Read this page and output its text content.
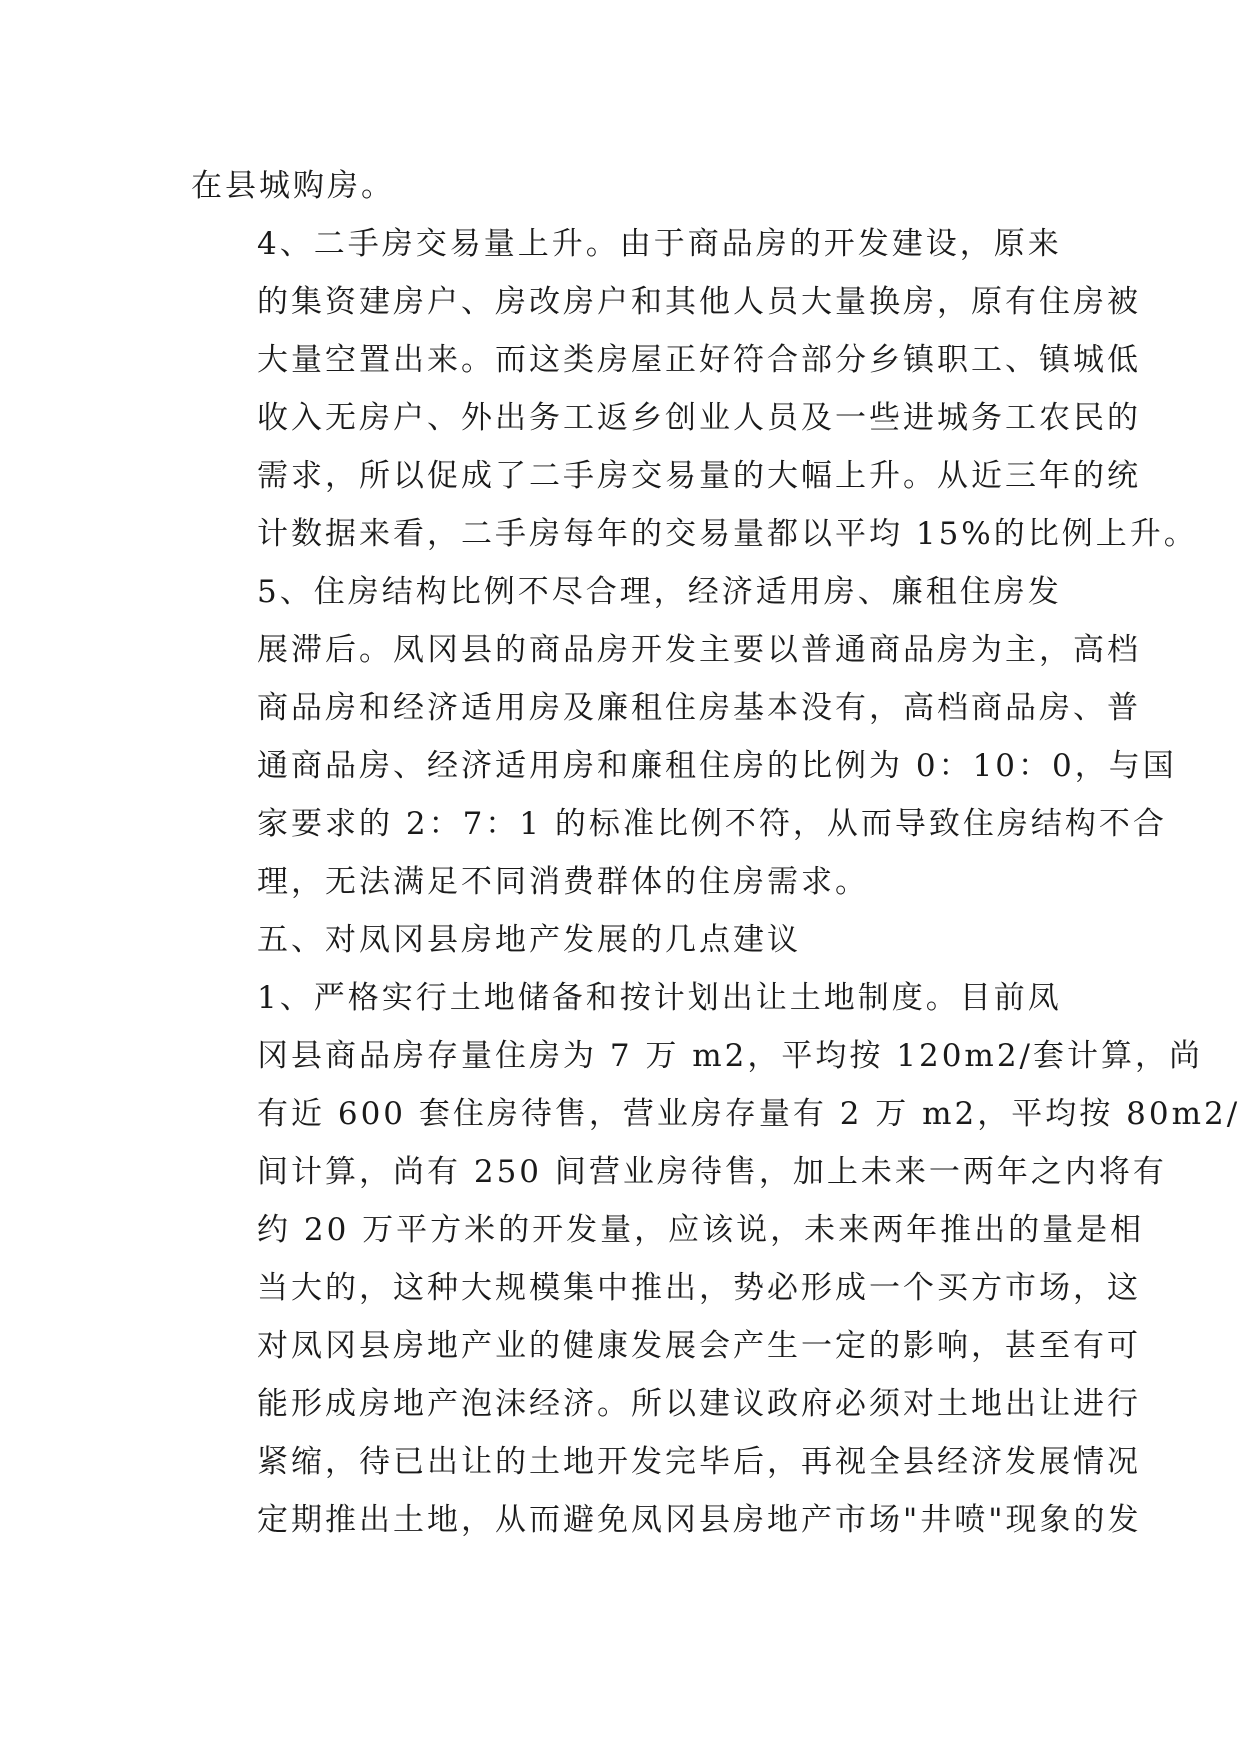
在县城购房。

4、二手房交易量上升。由于商品房的开发建设，原来
的集资建房户、房改房户和其他人员大量换房，原有住房被
大量空置出来。而这类房屋正好符合部分乡镇职工、镇城低
收入无房户、外出务工返乡创业人员及一些进城务工农民的
需求，所以促成了二手房交易量的大幅上升。从近三年的统
计数据来看，二手房每年的交易量都以平均 15%的比例上升。

5、住房结构比例不尽合理，经济适用房、廉租住房发
展滞后。凤冈县的商品房开发主要以普通商品房为主，高档
商品房和经济适用房及廉租住房基本没有，高档商品房、普
通商品房、经济适用房和廉租住房的比例为 0：10：0，与国
家要求的 2：7：1 的标准比例不符，从而导致住房结构不合
理，无法满足不同消费群体的住房需求。

五、对凤冈县房地产发展的几点建议

1、严格实行土地储备和按计划出让土地制度。目前凤
冈县商品房存量住房为 7 万 m2，平均按 120m2/套计算，尚
有近 600 套住房待售，营业房存量有 2 万 m2，平均按 80m2/
间计算，尚有 250 间营业房待售，加上未来一两年之内将有
约 20 万平方米的开发量，应该说，未来两年推出的量是相
当大的，这种大规模集中推出，势必形成一个买方市场，这
对凤冈县房地产业的健康发展会产生一定的影响，甚至有可
能形成房地产泡沫经济。所以建议政府必须对土地出让进行
紧缩，待已出让的土地开发完毕后，再视全县经济发展情况
定期推出土地，从而避免凤冈县房地产市场"井喷"现象的发
